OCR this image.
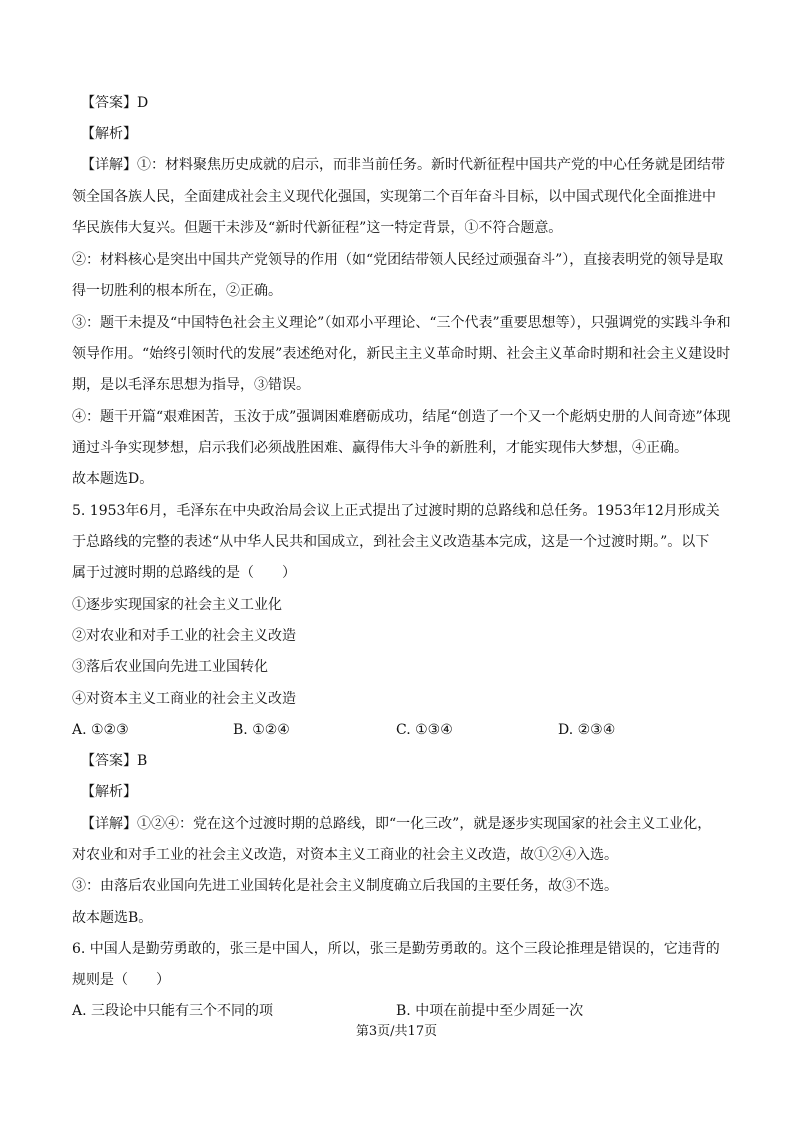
【答案】D
【解析】
【详解】①：材料聚焦历史成就的启示，而非当前任务。新时代新征程中国共产党的中心任务就是团结带
领全国各族人民，全面建成社会主义现代化强国，实现第二个百年奋斗目标，以中国式现代化全面推进中
华民族伟大复兴。但题干未涉及“新时代新征程”这一特定背景，①不符合题意。
②：材料核心是突出中国共产党领导的作用（如“党团结带领人民经过顽强奋斗”），直接表明党的领导是取
得一切胜利的根本所在，②正确。
③：题干未提及“中国特色社会主义理论”（如邓小平理论、“三个代表”重要思想等），只强调党的实践斗争和
领导作用。“始终引领时代的发展”表述绝对化，新民主主义革命时期、社会主义革命时期和社会主义建设时
期，是以毛泽东思想为指导，③错误。
④：题干开篇“艰难困苦，玉汝于成”强调困难磨砺成功，结尾“创造了一个又一个彪炳史册的人间奇迹”体现
通过斗争实现梦想，启示我们必须战胜困难、赢得伟大斗争的新胜利，才能实现伟大梦想，④正确。
故本题选D。
5. 1953年6月，毛泽东在中央政治局会议上正式提出了过渡时期的总路线和总任务。1953年12月形成关
于总路线的完整的表述“从中华人民共和国成立，到社会主义改造基本完成，这是一个过渡时期。”。以下
属于过渡时期的总路线的是（　　）
①逐步实现国家的社会主义工业化
②对农业和对手工业的社会主义改造
③落后农业国向先进工业国转化
④对资本主义工商业的社会主义改造
A. ①②③	B. ①②④	C. ①③④	D. ②③④
【答案】B
【解析】
【详解】①②④：党在这个过渡时期的总路线，即“一化三改”，就是逐步实现国家的社会主义工业化，
对农业和对手工业的社会主义改造，对资本主义工商业的社会主义改造，故①②④入选。
③：由落后农业国向先进工业国转化是社会主义制度确立后我国的主要任务，故③不选。
故本题选B。
6. 中国人是勤劳勇敢的，张三是中国人，所以，张三是勤劳勇敢的。这个三段论推理是错误的，它违背的
规则是（　　）
A. 三段论中只能有三个不同的项	B. 中项在前提中至少周延一次
第3页/共17页
